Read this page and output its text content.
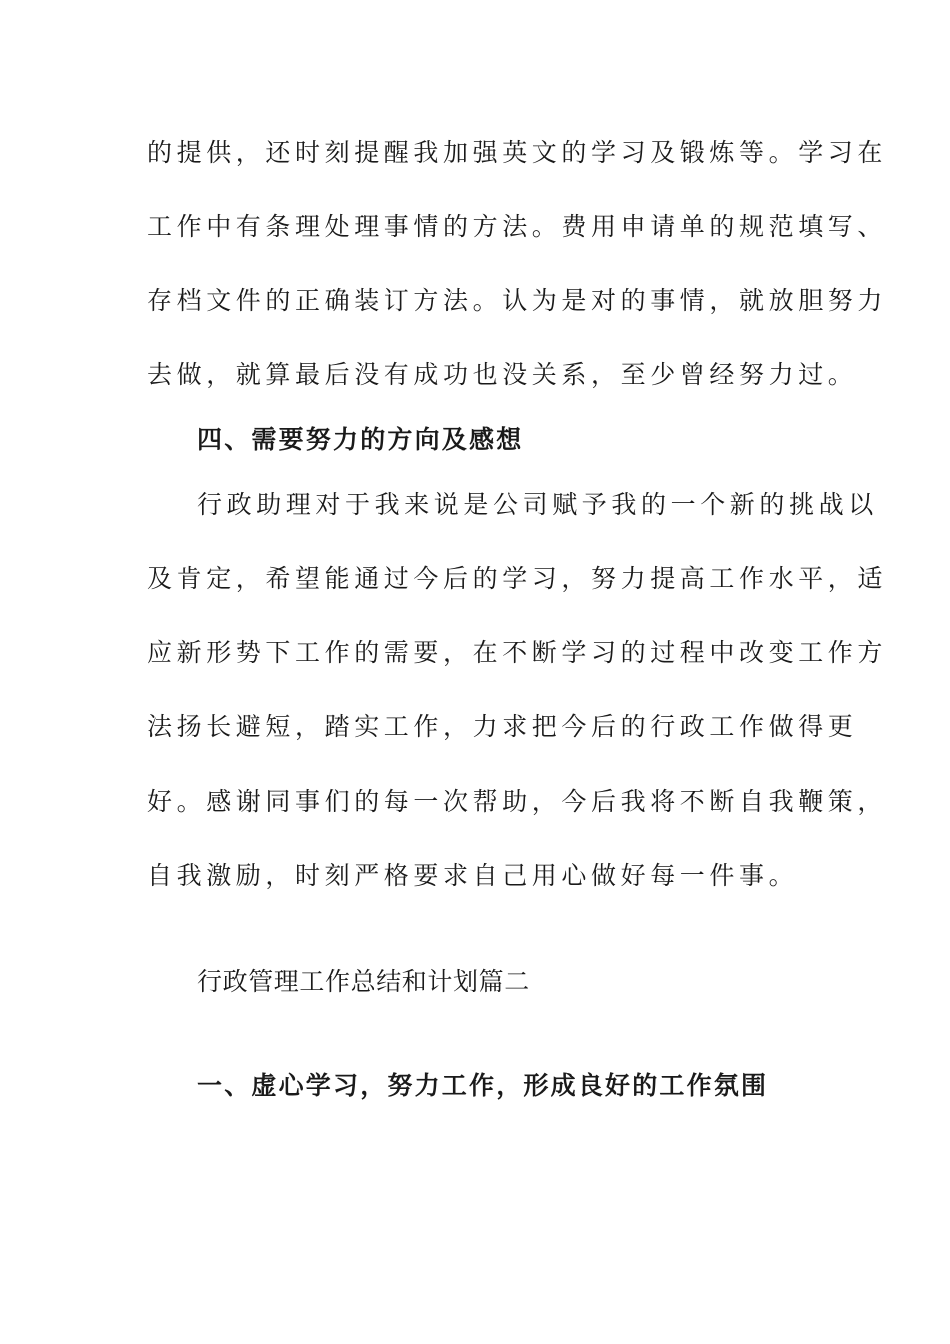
的提供，还时刻提醒我加强英文的学习及锻炼等。学习在
工作中有条理处理事情的方法。费用申请单的规范填写、
存档文件的正确装订方法。认为是对的事情，就放胆努力
去做，就算最后没有成功也没关系，至少曾经努力过。
四、需要努力的方向及感想
行政助理对于我来说是公司赋予我的一个新的挑战以
及肯定，希望能通过今后的学习，努力提高工作水平，适
应新形势下工作的需要，在不断学习的过程中改变工作方
法扬长避短，踏实工作，力求把今后的行政工作做得更
好。感谢同事们的每一次帮助，今后我将不断自我鞭策，
自我激励，时刻严格要求自己用心做好每一件事。
行政管理工作总结和计划篇二
一、虚心学习，努力工作，形成良好的工作氛围
